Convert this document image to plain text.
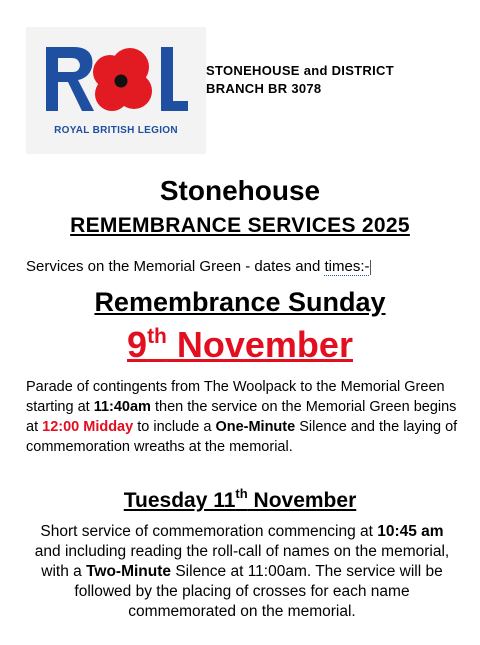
ROYAL BRITISH LEGION
STONEHOUSE and DISTRICT
BRANCH BR 3078
Stonehouse
REMEMBRANCE SERVICES 2025
Services on the Memorial Green - dates and times:-
Remembrance Sunday
9th November
Parade of contingents from The Woolpack to the Memorial Green starting at 11:40am then the service on the Memorial Green begins at 12:00 Midday to include a One-Minute Silence and the laying of commemoration wreaths at the memorial.
Tuesday 11th November
Short service of commemoration commencing at 10:45 am and including reading the roll-call of names on the memorial, with a Two-Minute Silence at 11:00am. The service will be followed by the placing of crosses for each name commemorated on the memorial.
